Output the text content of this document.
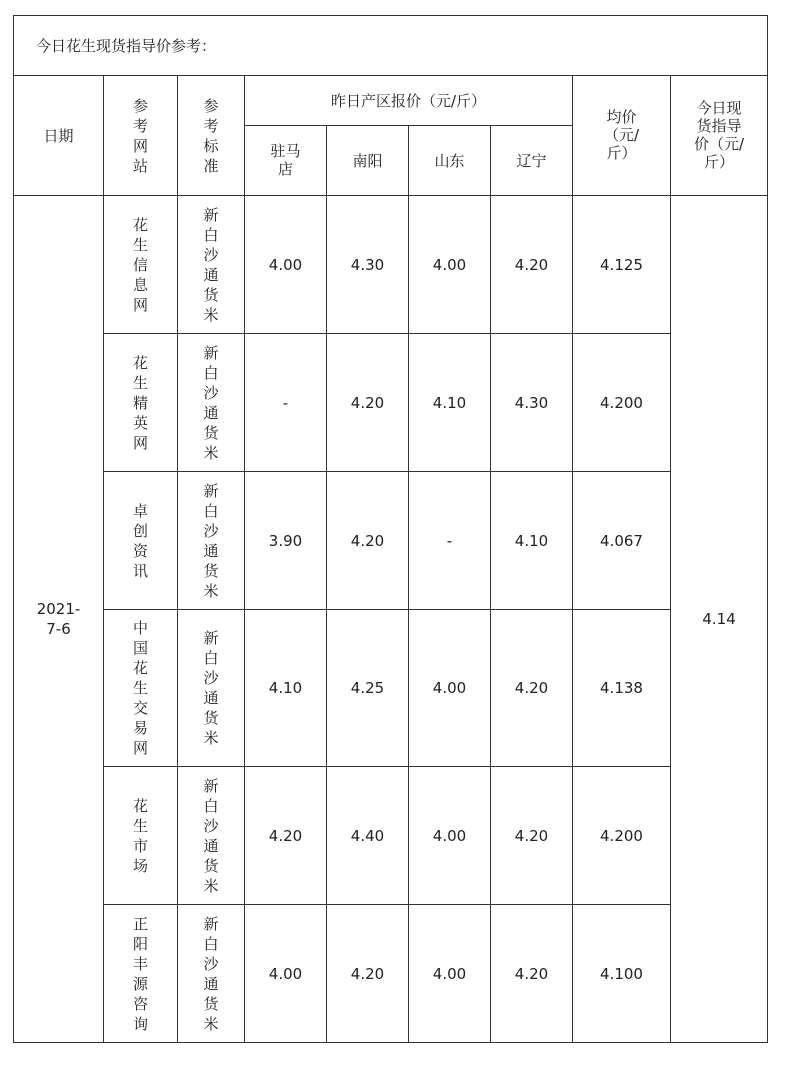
今日花生现货指导价参考：								
日期	参考网站	参考标准	昨日产区报价（元/斤）				均价（元/斤）	今日现货指导价（元/斤）
			驻马店	南阳	山东	辽宁		
2021-7-6	花生信息网	新白沙通货米	4.00	4.30	4.00	4.20	4.125	4.14
	花生精英网	新白沙通货米	-	4.20	4.10	4.30	4.200	
	卓创资讯	新白沙通货米	3.90	4.20	-	4.10	4.067	
	中国花生交易网	新白沙通货米	4.10	4.25	4.00	4.20	4.138	
	花生市场	新白沙通货米	4.20	4.40	4.00	4.20	4.200	
	正阳丰源咨询	新白沙通货米	4.00	4.20	4.00	4.20	4.100	
